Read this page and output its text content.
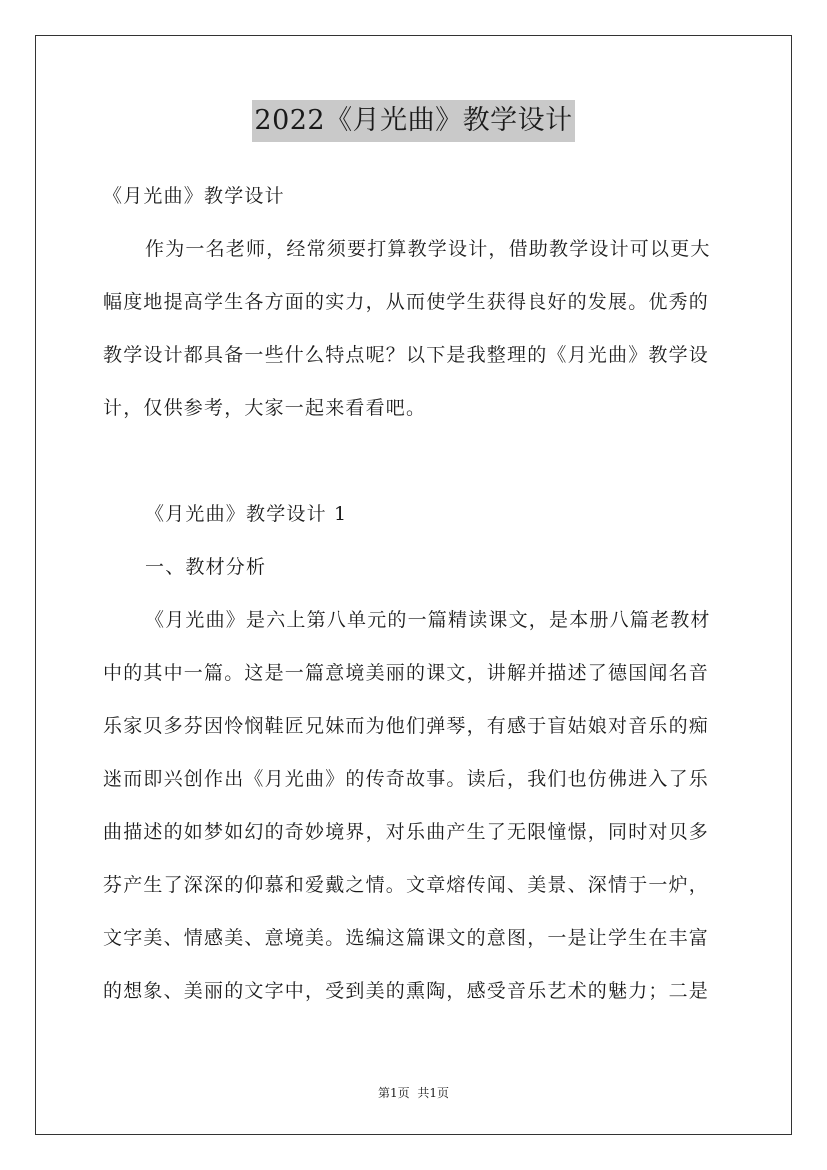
2022《月光曲》教学设计
《月光曲》教学设计
作为一名老师，经常须要打算教学设计，借助教学设计可以更大
幅度地提高学生各方面的实力，从而使学生获得良好的发展。优秀的
教学设计都具备一些什么特点呢？以下是我整理的《月光曲》教学设
计，仅供参考，大家一起来看看吧。
《月光曲》教学设计 1
一、教材分析
《月光曲》是六上第八单元的一篇精读课文，是本册八篇老教材
中的其中一篇。这是一篇意境美丽的课文，讲解并描述了德国闻名音
乐家贝多芬因怜悯鞋匠兄妹而为他们弹琴，有感于盲姑娘对音乐的痴
迷而即兴创作出《月光曲》的传奇故事。读后，我们也仿佛进入了乐
曲描述的如梦如幻的奇妙境界，对乐曲产生了无限憧憬，同时对贝多
芬产生了深深的仰慕和爱戴之情。文章熔传闻、美景、深情于一炉，
文字美、情感美、意境美。选编这篇课文的意图，一是让学生在丰富
的想象、美丽的文字中，受到美的熏陶，感受音乐艺术的魅力；二是
第1页 共1页
